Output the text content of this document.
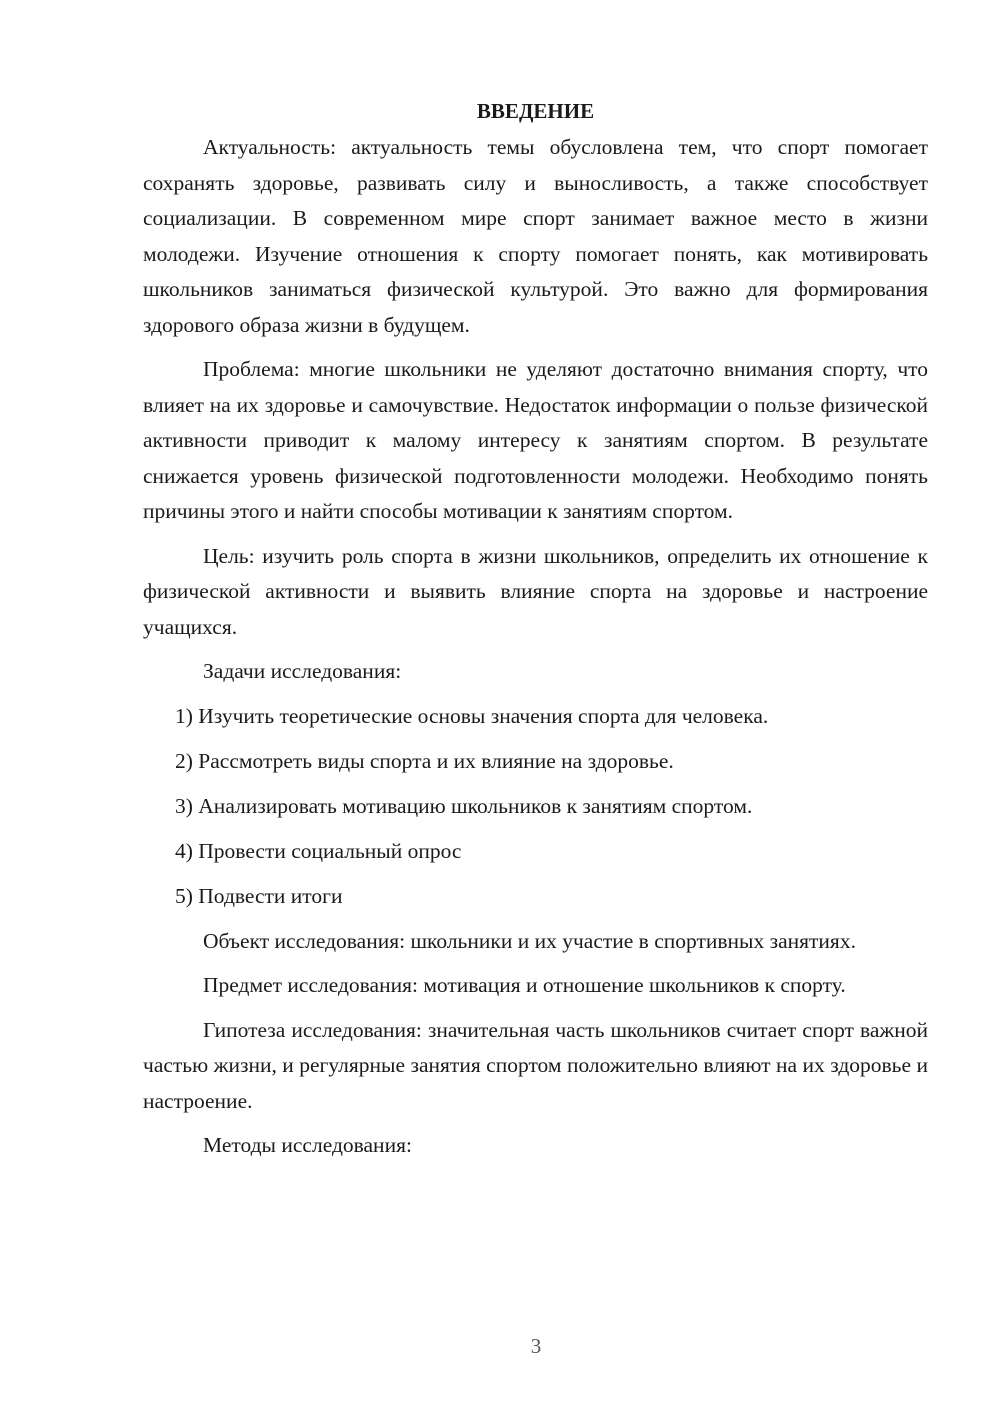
ВВЕДЕНИЕ

Актуальность: актуальность темы обусловлена тем, что спорт помогает сохранять здоровье, развивать силу и выносливость, а также способствует социализации. В современном мире спорт занимает важное место в жизни молодежи. Изучение отношения к спорту помогает понять, как мотивировать школьников заниматься физической культурой. Это важно для формирования здорового образа жизни в будущем.

Проблема: многие школьники не уделяют достаточно внимания спорту, что влияет на их здоровье и самочувствие. Недостаток информации о пользе физической активности приводит к малому интересу к занятиям спортом. В результате снижается уровень физической подготовленности молодежи. Необходимо понять причины этого и найти способы мотивации к занятиям спортом.

Цель: изучить роль спорта в жизни школьников, определить их отношение к физической активности и выявить влияние спорта на здоровье и настроение учащихся.

Задачи исследования:

1) Изучить теоретические основы значения спорта для человека.
2) Рассмотреть виды спорта и их влияние на здоровье.
3) Анализировать мотивацию школьников к занятиям спортом.
4) Провести социальный опрос
5) Подвести итоги

Объект исследования: школьники и их участие в спортивных занятиях.

Предмет исследования: мотивация и отношение школьников к спорту.

Гипотеза исследования: значительная часть школьников считает спорт важной частью жизни, и регулярные занятия спортом положительно влияют на их здоровье и настроение.

Методы исследования:

3
